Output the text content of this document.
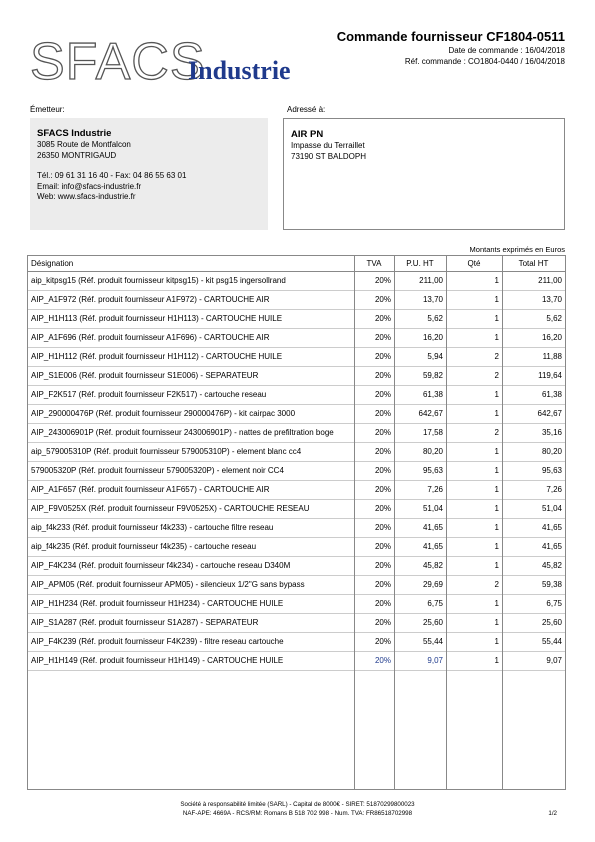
SFACS
Industrie
Commande fournisseur CF1804-0511
Date de commande : 16/04/2018
Réf. commande : CO1804-0440 / 16/04/2018
Émetteur:	Adressé à:
SFACS Industrie
3085 Route de Montfalcon
26350 MONTRIGAUD
Tél.: 09 61 31 16 40 - Fax: 04 86 55 63 01
Email: info@sfacs-industrie.fr
Web: www.sfacs-industrie.fr
AIR PN
Impasse du Terraillet
73190 ST BALDOPH
Montants exprimés en Euros
Désignation	TVA	P.U. HT	Qté	Total HT
aip_kitpsg15 (Réf. produit fournisseur kitpsg15) - kit psg15 ingersollrand	20%	211,00	1	211,00
AIP_A1F972 (Réf. produit fournisseur A1F972) - CARTOUCHE AIR	20%	13,70	1	13,70
AIP_H1H113 (Réf. produit fournisseur H1H113) - CARTOUCHE HUILE	20%	5,62	1	5,62
AIP_A1F696 (Réf. produit fournisseur A1F696) - CARTOUCHE AIR	20%	16,20	1	16,20
AIP_H1H112 (Réf. produit fournisseur H1H112) - CARTOUCHE HUILE	20%	5,94	2	11,88
AIP_S1E006 (Réf. produit fournisseur S1E006) - SEPARATEUR	20%	59,82	2	119,64
AIP_F2K517 (Réf. produit fournisseur F2K517) - cartouche reseau	20%	61,38	1	61,38
AIP_290000476P (Réf. produit fournisseur 290000476P) - kit cairpac 3000	20%	642,67	1	642,67
AIP_243006901P (Réf. produit fournisseur 243006901P) - nattes de prefiltration boge	20%	17,58	2	35,16
aip_579005310P (Réf. produit fournisseur 579005310P) - element blanc cc4	20%	80,20	1	80,20
579005320P (Réf. produit fournisseur 579005320P) - element noir CC4	20%	95,63	1	95,63
AIP_A1F657 (Réf. produit fournisseur A1F657) - CARTOUCHE AIR	20%	7,26	1	7,26
AIP_F9V0525X (Réf. produit fournisseur F9V0525X) - CARTOUCHE RESEAU	20%	51,04	1	51,04
aip_f4k233 (Réf. produit fournisseur f4k233) - cartouche filtre reseau	20%	41,65	1	41,65
aip_f4k235 (Réf. produit fournisseur f4k235) - cartouche reseau	20%	41,65	1	41,65
AIP_F4K234 (Réf. produit fournisseur f4k234) - cartouche reseau D340M	20%	45,82	1	45,82
AIP_APM05 (Réf. produit fournisseur APM05) - silencieux 1/2"G sans bypass	20%	29,69	2	59,38
AIP_H1H234 (Réf. produit fournisseur H1H234) - CARTOUCHE HUILE	20%	6,75	1	6,75
AIP_S1A287 (Réf. produit fournisseur S1A287) - SEPARATEUR	20%	25,60	1	25,60
AIP_F4K239 (Réf. produit fournisseur F4K239) - filtre reseau cartouche	20%	55,44	1	55,44
AIP_H1H149 (Réf. produit fournisseur H1H149) - CARTOUCHE HUILE	20%	9,07	1	9,07
Société à responsabilité limitée (SARL) - Capital de 8000€ - SIRET: 51870299800023
NAF-APE: 4669A - RCS/RM: Romans B 518 702 998 - Num. TVA: FR86518702998	1/2
